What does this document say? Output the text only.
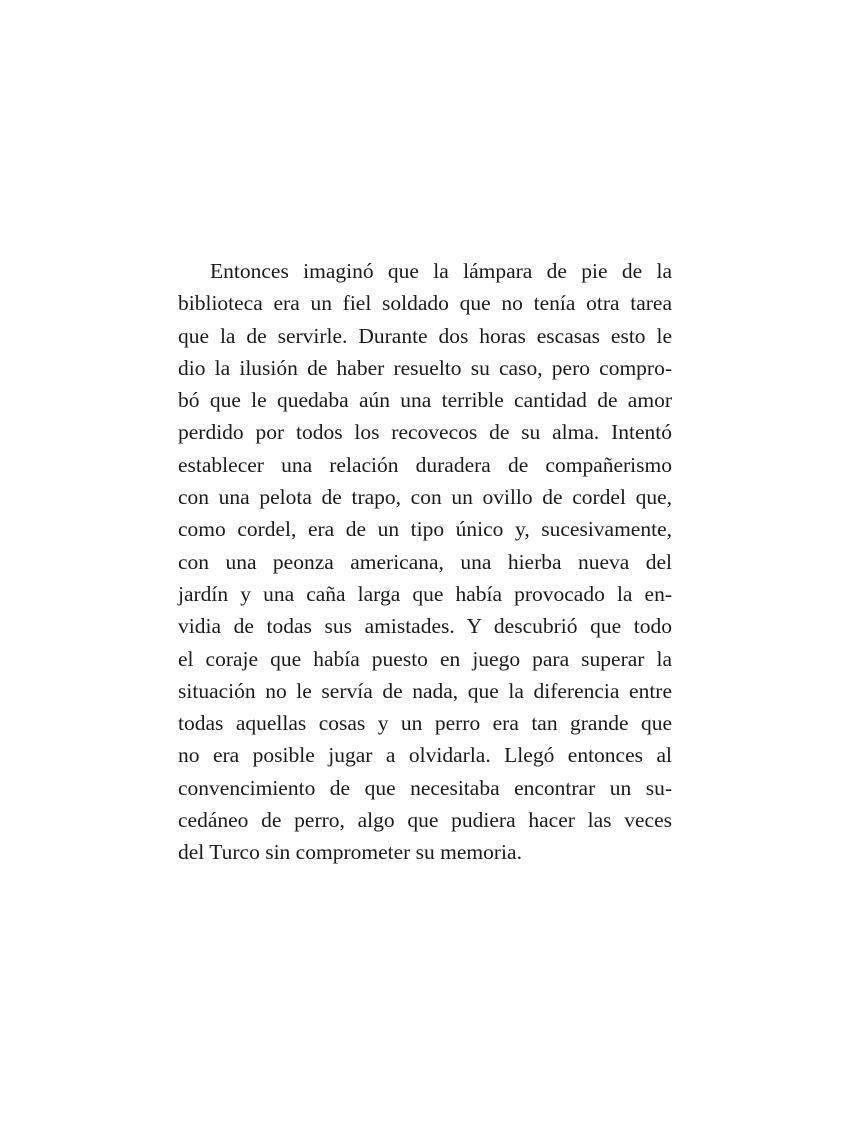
Entonces imaginó que la lámpara de pie de la
biblioteca era un fiel soldado que no tenía otra tarea
que la de servirle. Durante dos horas escasas esto le
dio la ilusión de haber resuelto su caso, pero compro-
bó que le quedaba aún una terrible cantidad de amor
perdido por todos los recovecos de su alma. Intentó
establecer una relación duradera de compañerismo
con una pelota de trapo, con un ovillo de cordel que,
como cordel, era de un tipo único y, sucesivamente,
con una peonza americana, una hierba nueva del
jardín y una caña larga que había provocado la en-
vidia de todas sus amistades. Y descubrió que todo
el coraje que había puesto en juego para superar la
situación no le servía de nada, que la diferencia entre
todas aquellas cosas y un perro era tan grande que
no era posible jugar a olvidarla. Llegó entonces al
convencimiento de que necesitaba encontrar un su-
cedáneo de perro, algo que pudiera hacer las veces
del Turco sin comprometer su memoria.
